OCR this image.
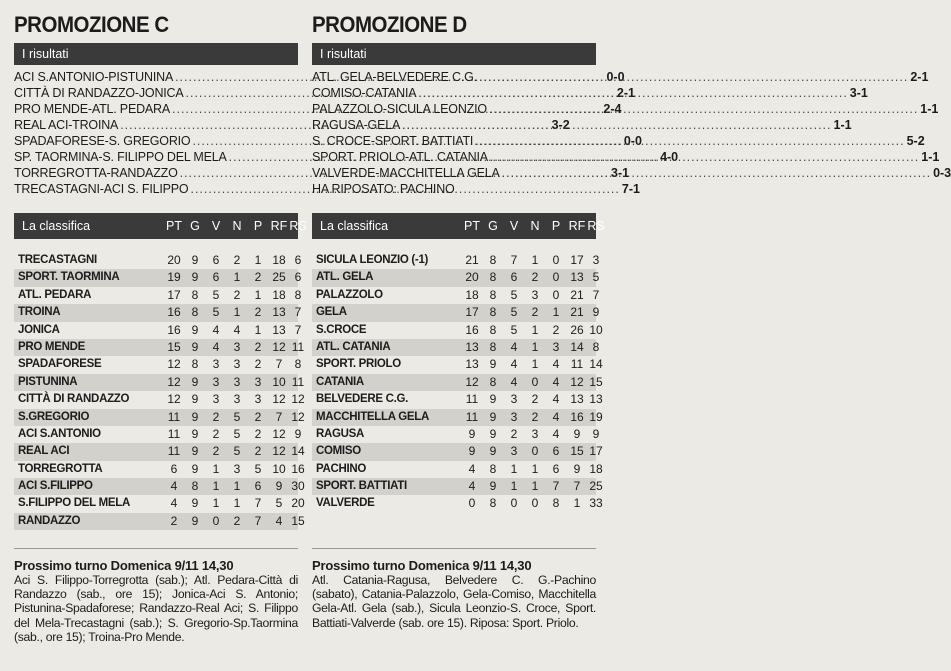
PROMOZIONE C
I risultati
ACI S.ANTONIO-PISTUNINA .....	0-0
CITTÀ DI RANDAZZO-JONICA .....	2-1
PRO MENDE-ATL. PEDARA .....	2-4
REAL ACI-TROINA .....	3-2
SPADAFORESE-S. GREGORIO .....	0-0
SP. TAORMINA-S. FILIPPO DEL MELA .....	4-0
TORREGROTTA-RANDAZZO .....	3-1
TRECASTAGNI-ACI S. FILIPPO .....	7-1
PROMOZIONE D
I risultati
ATL. GELA-BELVEDERE C.G. .....	2-1
COMISO-CATANIA .....	3-1
PALAZZOLO-SICULA LEONZIO .....	1-1
RAGUSA-GELA .....	1-1
S. CROCE-SPORT. BATTIATI .....	5-2
SPORT. PRIOLO-ATL. CATANIA .....	1-1
VALVERDE-MACCHITELLA GELA .....	0-3
HA RIPOSATO: PACHINO
La classifica	PT G V N P RF RS
TRECASTAGNI	20 9	6	2	1 18 6
SPORT. TAORMINA	19 9	6	1	2 25 6
ATL. PEDARA	17 8	5	2	1 18 8
TROINA	16 8	5	1	2 13 7
JONICA	16 9	4	4	1 13 7
PRO MENDE	15 9	4	3	2 12 11
SPADAFORESE	12 8	3	3	2	7	8
PISTUNINA	12 9	3	3	3 10 11
CITTÀ DI RANDAZZO	12 9	3	3	3 12 12
S.GREGORIO	11 9	2	5	2	7 12
ACI S.ANTONIO	11 9	2	5	2 12 9
REAL ACI	11 9	2	5	2 12 14
TORREGROTTA	6	9	1	3	5 10 16
ACI S.FILIPPO	4	8	1	1	6	9 30
S.FILIPPO DEL MELA	4	9	1	1	7	5 20
RANDAZZO	2	9	0	2	7	4 15
Prossimo turno Domenica 9/11 14,30
Aci S. Filippo-Torregrotta (sab.); Atl. Pedara-Città di Randazzo (sab., ore 15); Jonica-Aci S. Antonio; Pistunina-Spadaforese; Randazzo-Real Aci; S. Filippo del Mela-Trecastagni (sab.); S. Gregorio-Sp.Taormina (sab., ore 15); Troina-Pro Mende.
La classifica	PT G V N P RF RS
SICULA LEONZIO (-1)	21 8	7	1	0 17 3
ATL. GELA	20 8	6	2	0 13 5
PALAZZOLO	18 8	5	3	0 21 7
GELA	17 8	5	2	1 21 9
S.CROCE	16 8	5	1	2 26 10
ATL. CATANIA	13 8	4	1	3 14 8
SPORT. PRIOLO	13 9	4	1	4 11 14
CATANIA	12 8	4	0	4 12 15
BELVEDERE C.G.	11 9	3	2	4 13 13
MACCHITELLA GELA	11 9	3	2	4 16 19
RAGUSA	9	9	2	3	4	9	9
COMISO	9	9	3	0	6 15 17
PACHINO	4	8	1	1	6	9 18
SPORT. BATTIATI	4	9	1	1	7	7 25
VALVERDE	0	8	0	0	8	1 33
Prossimo turno Domenica 9/11 14,30
Atl. Catania-Ragusa, Belvedere C. G.-Pachino (sabato), Catania-Palazzolo, Gela-Comiso, Macchitella Gela-Atl. Gela (sab.), Sicula Leonzio-S. Croce, Sport. Battiati-Valverde (sab. ore 15). Riposa: Sport. Priolo.
